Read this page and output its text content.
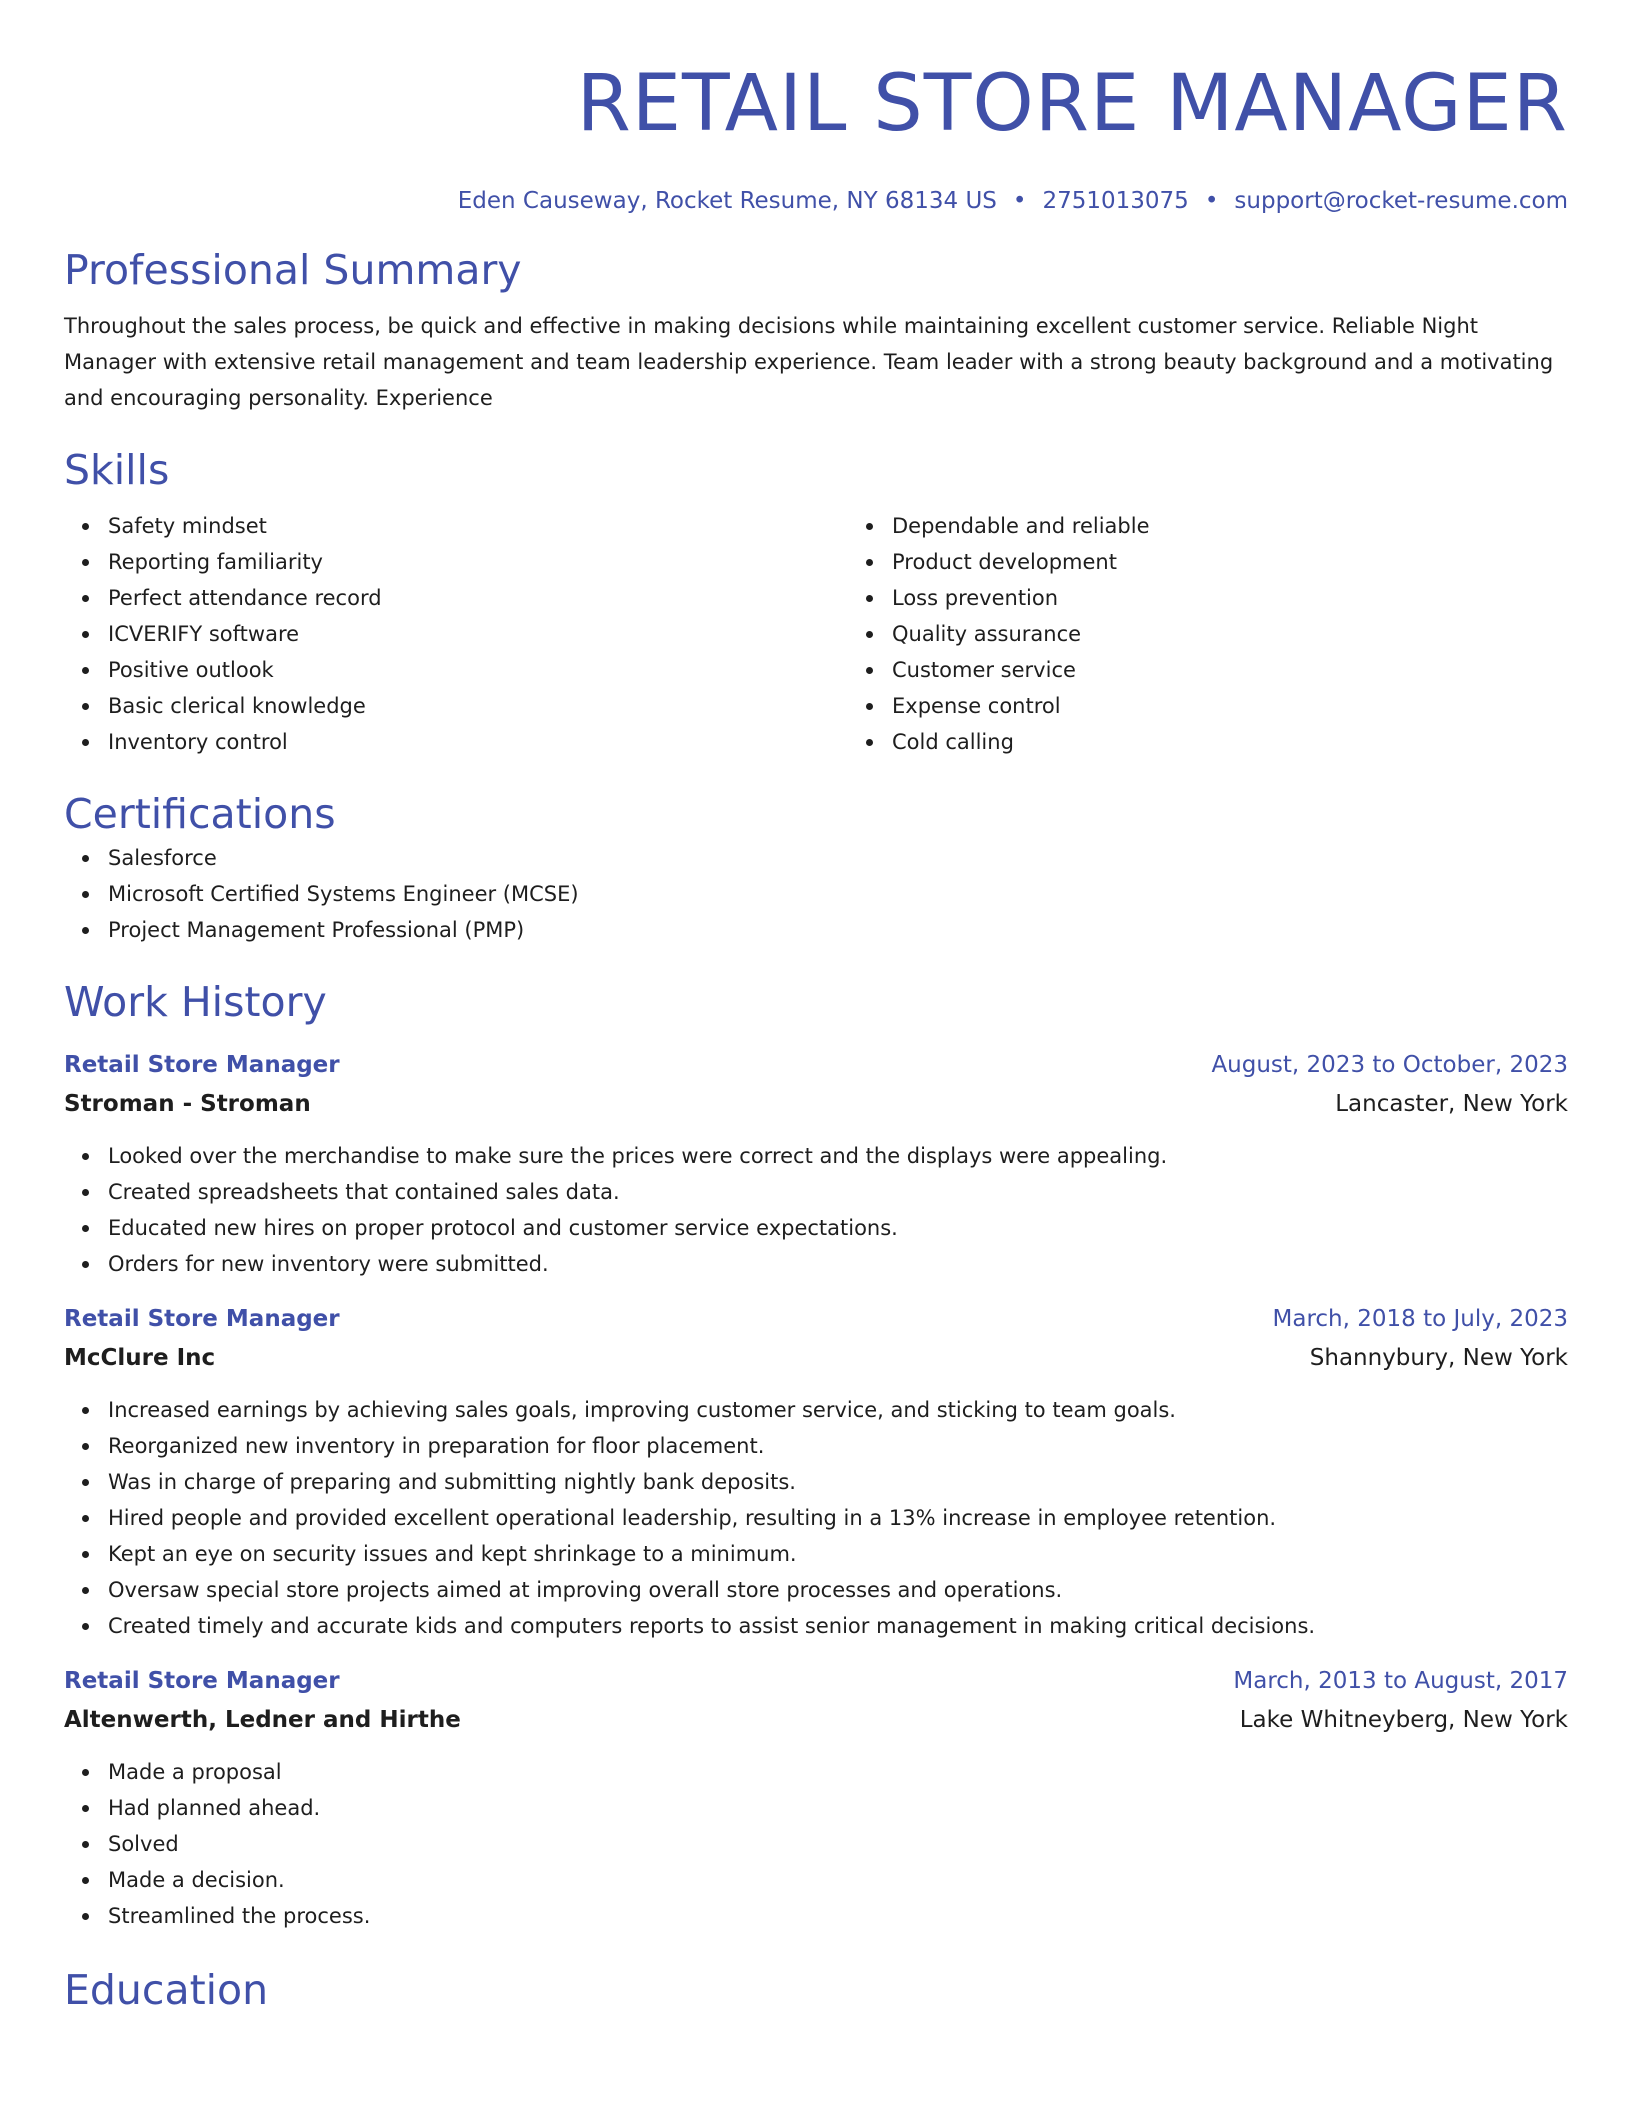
RETAIL STORE MANAGER
Eden Causeway, Rocket Resume, NY 68134 US • 2751013075 • support@rocket-resume.com
Professional Summary

Throughout the sales process, be quick and effective in making decisions while maintaining excellent customer service. Reliable Night Manager with extensive retail management and team leadership experience. Team leader with a strong beauty background and a motivating and encouraging personality. Experience

Skills
Safety mindset
Reporting familiarity
Perfect attendance record
ICVERIFY software
Positive outlook
Basic clerical knowledge
Inventory control
Dependable and reliable
Product development
Loss prevention
Quality assurance
Customer service
Expense control
Cold calling
Certifications
Salesforce
Microsoft Certified Systems Engineer (MCSE)
Project Management Professional (PMP)
Work History
Retail Store Manager	August, 2023 to October, 2023
Stroman - Stroman	Lancaster, New York
Looked over the merchandise to make sure the prices were correct and the displays were appealing.
Created spreadsheets that contained sales data.
Educated new hires on proper protocol and customer service expectations.
Orders for new inventory were submitted.
Retail Store Manager	March, 2018 to July, 2023
McClure Inc	Shannybury, New York
Increased earnings by achieving sales goals, improving customer service, and sticking to team goals.
Reorganized new inventory in preparation for floor placement.
Was in charge of preparing and submitting nightly bank deposits.
Hired people and provided excellent operational leadership, resulting in a 13% increase in employee retention.
Kept an eye on security issues and kept shrinkage to a minimum.
Oversaw special store projects aimed at improving overall store processes and operations.
Created timely and accurate kids and computers reports to assist senior management in making critical decisions.
Retail Store Manager	March, 2013 to August, 2017
Altenwerth, Ledner and Hirthe	Lake Whitneyberg, New York
Made a proposal
Had planned ahead.
Solved
Made a decision.
Streamlined the process.
Education
